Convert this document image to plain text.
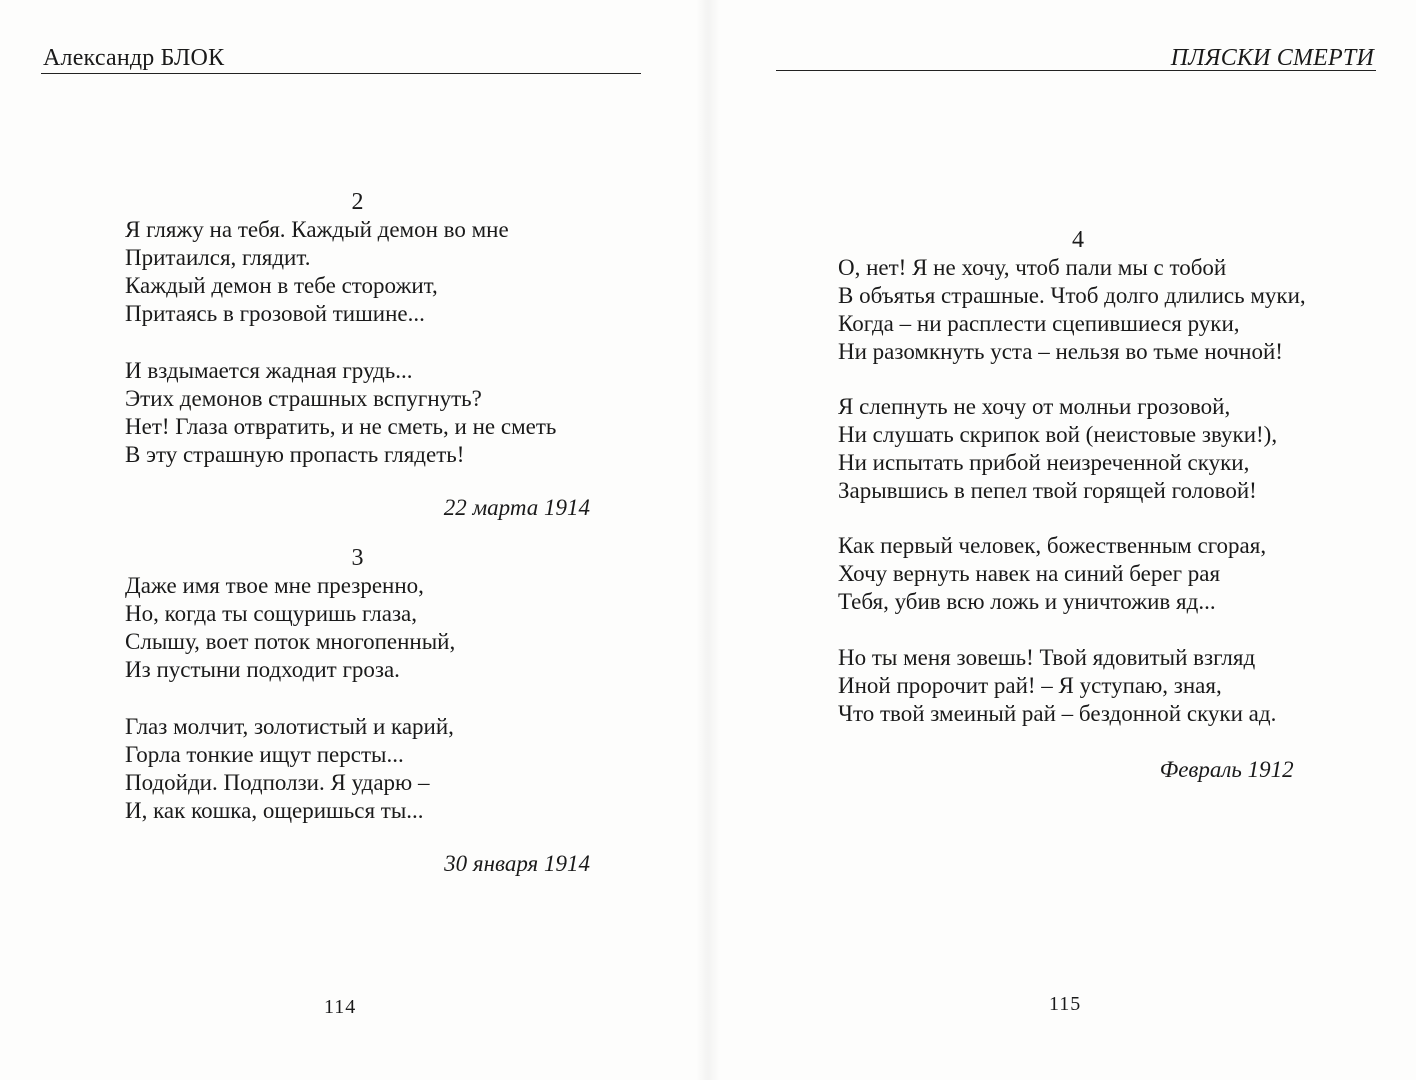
Александр БЛОК
2
Я гляжу на тебя. Каждый демон во мне
Притаился, глядит.
Каждый демон в тебе сторожит,
Притаясь в грозовой тишине...
И вздымается жадная грудь...
Этих демонов страшных вспугнуть?
Нет! Глаза отвратить, и не сметь, и не сметь
В эту страшную пропасть глядеть!
22 марта 1914
3
Даже имя твое мне презренно,
Но, когда ты сощуришь глаза,
Слышу, воет поток многопенный,
Из пустыни подходит гроза.
Глаз молчит, золотистый и карий,
Горла тонкие ищут персты...
Подойди. Подползи. Я ударю –
И, как кошка, ощеришься ты...
30 января 1914
114
ПЛЯСКИ СМЕРТИ
4
О, нет! Я не хочу, чтоб пали мы с тобой
В объятья страшные. Чтоб долго длились муки,
Когда – ни расплести сцепившиеся руки,
Ни разомкнуть уста – нельзя во тьме ночной!
Я слепнуть не хочу от молньи грозовой,
Ни слушать скрипок вой (неистовые звуки!),
Ни испытать прибой неизреченной скуки,
Зарывшись в пепел твой горящей головой!
Как первый человек, божественным сгорая,
Хочу вернуть навек на синий берег рая
Тебя, убив всю ложь и уничтожив яд...
Но ты меня зовешь! Твой ядовитый взгляд
Иной пророчит рай! – Я уступаю, зная,
Что твой змеиный рай – бездонной скуки ад.
Февраль 1912
115
